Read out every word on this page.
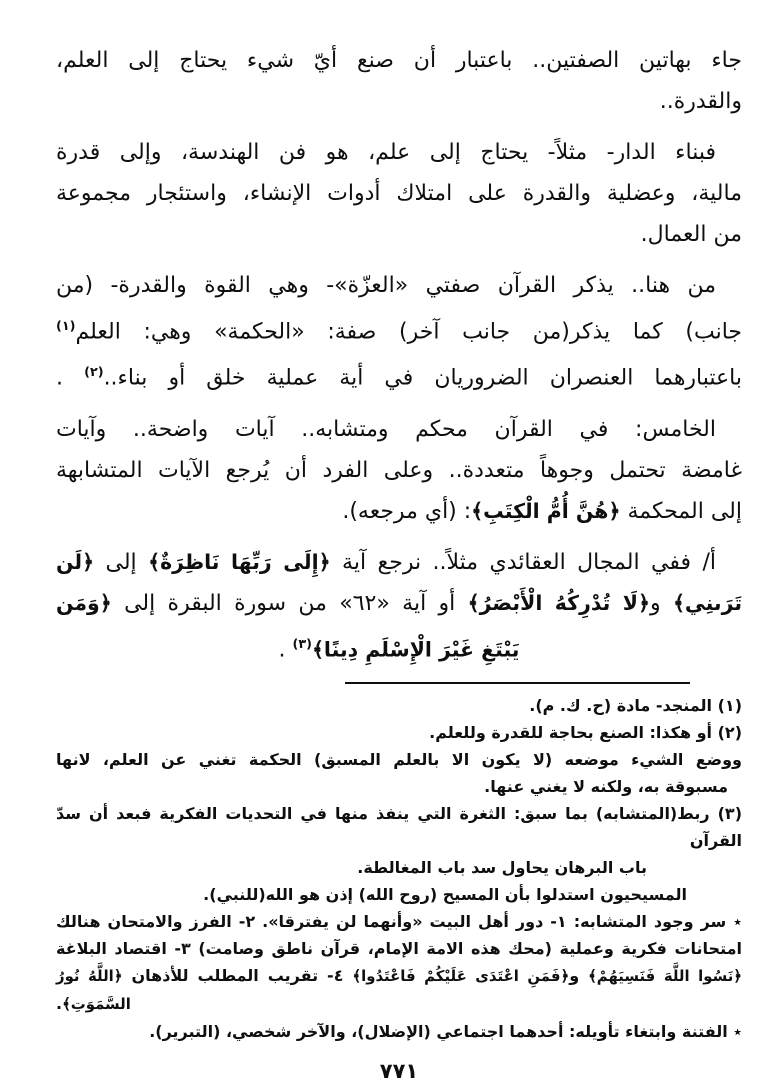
جاء بهاتين الصفتين.. باعتبار أن صنع أيّ شيء يحتاج إلى العلم،
والقدرة..
فبناء الدار- مثلاً- يحتاج إلى علم، هو فن الهندسة، وإلى قدرة
مالية، وعضلية والقدرة على امتلاك أدوات الإنشاء، واستئجار مجموعة
من العمال.
من هنا.. يذكر القرآن صفتي «العزّة»- وهي القوة والقدرة- (من
جانب) كما يذكر(من جانب آخر) صفة: «الحكمة» وهي: العلم$^{(١)}$
باعتبارهما العنصران الضروريان في أية عملية خلق أو بناء..$^{(٢)}$ .
الخامس: في القرآن محكم ومتشابه.. آيات واضحة.. وآيات
غامضة تحتمل وجوهاً متعددة.. وعلى الفرد أن يُرجع الآيات المتشابهة
إلى المحكمة ﴿هُنَّ أُمُّ الْكِتَبِ﴾: (أي مرجعه).
أ/ ففي المجال العقائدي مثلاً.. نرجع آية ﴿إِلَى رَبِّهَا نَاظِرَةٌ﴾ إلى ﴿لَن
تَرَىنِي﴾ و﴿لَا تُدْرِكُهُ الْأَبْصَرُ﴾ أو آية «٦٢» من سورة البقرة إلى ﴿وَمَن
يَبْتَغِ غَيْرَ الْإِسْلَمِ دِينًا﴾$^{(٣)}$ .
(١) المنجد- مادة (ح. ك. م).
(٢) أو هكذا: الصنع بحاجة للقدرة وللعلم.
ووضع الشيء موضعه (لا يكون الا بالعلم المسبق) الحكمة تغني عن العلم، لانها
مسبوقة به، ولكنه لا يغني عنها.
(٣) ربط(المتشابه) بما سبق: الثغرة التي ينفذ منها في التحديات الفكرية فبعد أن سدّ القرآن
باب البرهان يحاول سد باب المغالطة.
المسيحيون استدلوا بأن المسيح (روح الله) إذن هو الله(للنبي).
٭ سر وجود المتشابه: ١- دور أهل البيت «وأنهما لن يفترقا». ٢- الفرز والامتحان هنالك
امتحانات فكرية وعملية (محك هذه الامة الإمام، قرآن ناطق وصامت) ٣- اقتصاد البلاغة
﴿نَسُوا اللَّهَ فَنَسِيَهُمْ﴾ و﴿فَمَنِ اعْتَدَى عَلَيْكُمْ فَاعْتَدُوا﴾ ٤- تقريب المطلب للأذهان ﴿اللَّهُ نُورُ
السَّمَوَتِ﴾.
٭ الفتنة وابتغاء تأويله: أحدهما اجتماعي (الإضلال)، والآخر شخصي، (التبرير).
٧٧١
